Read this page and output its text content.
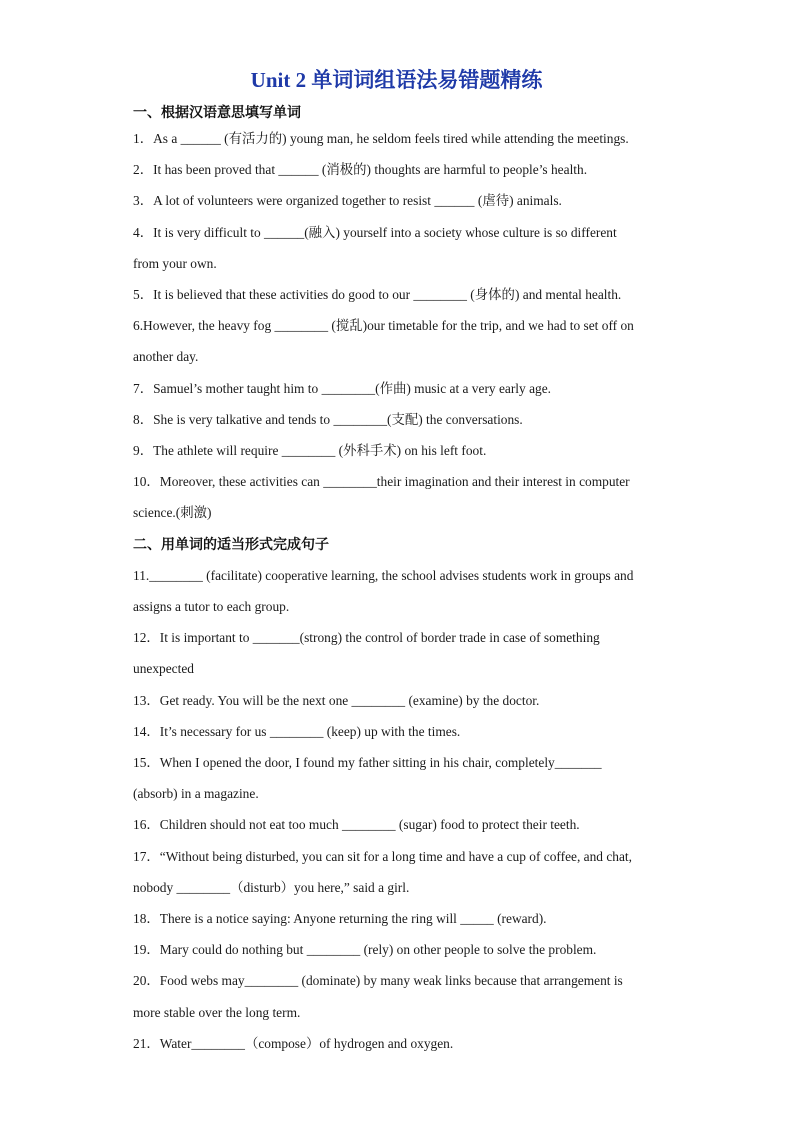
Unit 2 单词词组语法易错题精练
一、根据汉语意思填写单词
1．As a ______ (有活力的) young man, he seldom feels tired while attending the meetings.
2．It has been proved that ______ (消极的) thoughts are harmful to people’s health.
3．A lot of volunteers were organized together to resist ______ (虐待) animals.
4．It is very difficult to ______(融入) yourself into a society whose culture is so different
from your own.
5．It is believed that these activities do good to our ________ (身体的) and mental health.
6.However, the heavy fog ________ (搅乱)our timetable for the trip, and we had to set off on
another day.
7．Samuel’s mother taught him to ________(作曲) music at a very early age.
8．She is very talkative and tends to ________(支配) the conversations.
9．The athlete will require ________ (外科手术) on his left foot.
10．Moreover, these activities can ________their imagination and their interest in computer
science.(刺激)
二、用单词的适当形式完成句子
11.________ (facilitate) cooperative learning, the school advises students work in groups and
assigns a tutor to each group.
12．It is important to _______(strong) the control of border trade in case of something
unexpected
13．Get ready. You will be the next one ________ (examine) by the doctor.
14．It’s necessary for us ________ (keep) up with the times.
15．When I opened the door, I found my father sitting in his chair, completely_______
(absorb) in a magazine.
16．Children should not eat too much ________ (sugar) food to protect their teeth.
17．“Without being disturbed, you can sit for a long time and have a cup of coffee, and chat,
nobody ________（disturb）you here,” said a girl.
18．There is a notice saying: Anyone returning the ring will _____ (reward).
19．Mary could do nothing but ________ (rely) on other people to solve the problem.
20．Food webs may________ (dominate) by many weak links because that arrangement is
more stable over the long term.
21．Water________（compose）of hydrogen and oxygen.
